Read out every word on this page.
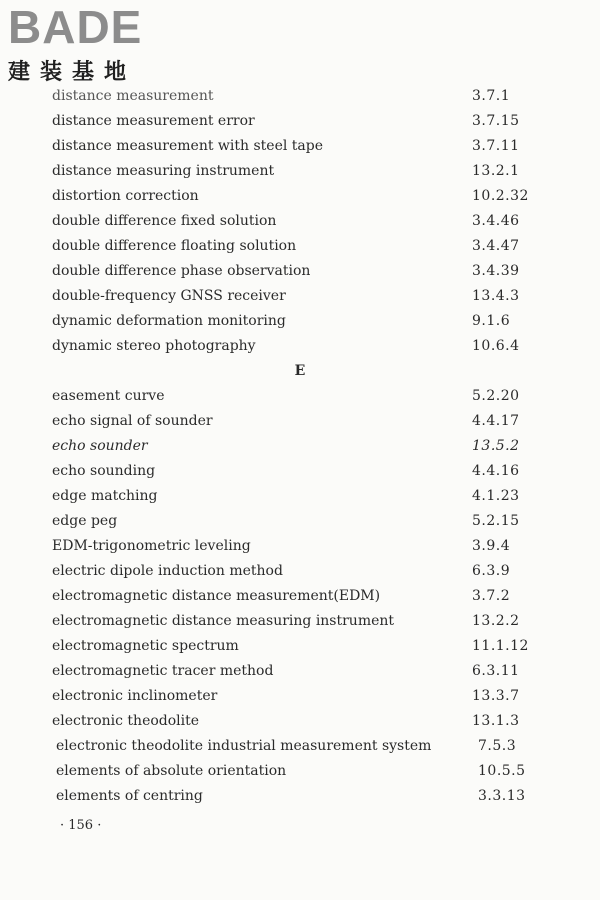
BADE
建装基地
distance measurement	3.7.1
distance measurement error	3.7.15
distance measurement with steel tape	3.7.11
distance measuring instrument	13.2.1
distortion correction	10.2.32
double difference fixed solution	3.4.46
double difference floating solution	3.4.47
double difference phase observation	3.4.39
double-frequency GNSS receiver	13.4.3
dynamic deformation monitoring	9.1.6
dynamic stereo photography	10.6.4
E
easement curve	5.2.20
echo signal of sounder	4.4.17
echo sounder	13.5.2
echo sounding	4.4.16
edge matching	4.1.23
edge peg	5.2.15
EDM-trigonometric leveling	3.9.4
electric dipole induction method	6.3.9
electromagnetic distance measurement(EDM)	3.7.2
electromagnetic distance measuring instrument	13.2.2
electromagnetic spectrum	11.1.12
electromagnetic tracer method	6.3.11
electronic inclinometer	13.3.7
electronic theodolite	13.1.3
electronic theodolite industrial measurement system	7.5.3
elements of absolute orientation	10.5.5
elements of centring	3.3.13
· 156 ·
